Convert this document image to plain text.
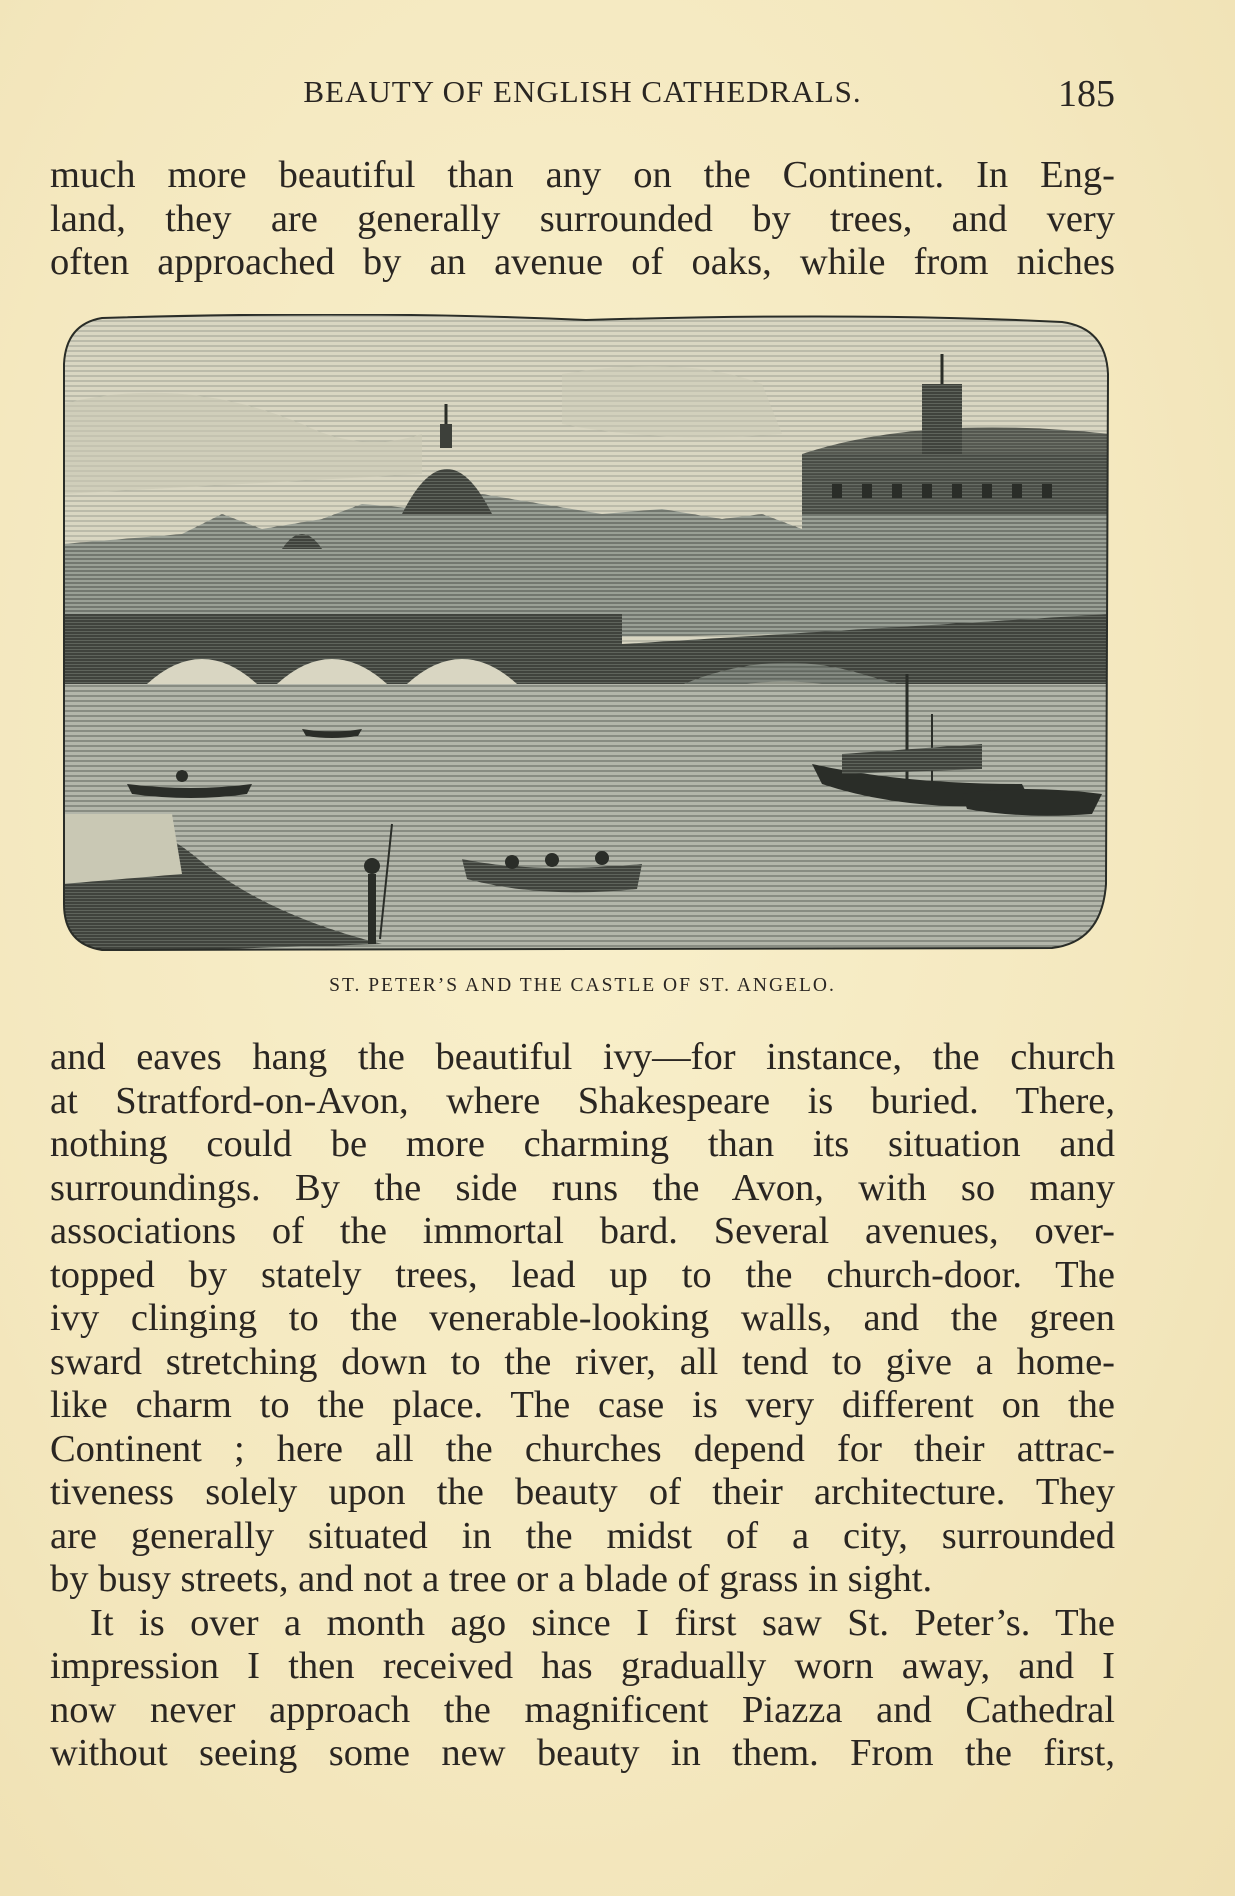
BEAUTY OF ENGLISH CATHEDRALS.	185

much more beautiful than any on the Continent. In Eng-

land, they are generally surrounded by trees, and very

often approached by an avenue of oaks, while from niches

ST. PETER’S AND THE CASTLE OF ST. ANGELO.

and eaves hang the beautiful ivy—for instance, the church

at Stratford-on-Avon, where Shakespeare is buried. There,

nothing could be more charming than its situation and

surroundings. By the side runs the Avon, with so many

associations of the immortal bard. Several avenues, over-

topped by stately trees, lead up to the church-door. The

ivy clinging to the venerable-looking walls, and the green

sward stretching down to the river, all tend to give a home-

like charm to the place. The case is very different on the

Continent ; here all the churches depend for their attrac-

tiveness solely upon the beauty of their architecture. They

are generally situated in the midst of a city, surrounded

by busy streets, and not a tree or a blade of grass in sight.

It is over a month ago since I first saw St. Peter’s. The

impression I then received has gradually worn away, and I

now never approach the magnificent Piazza and Cathedral

without seeing some new beauty in them. From the first,
